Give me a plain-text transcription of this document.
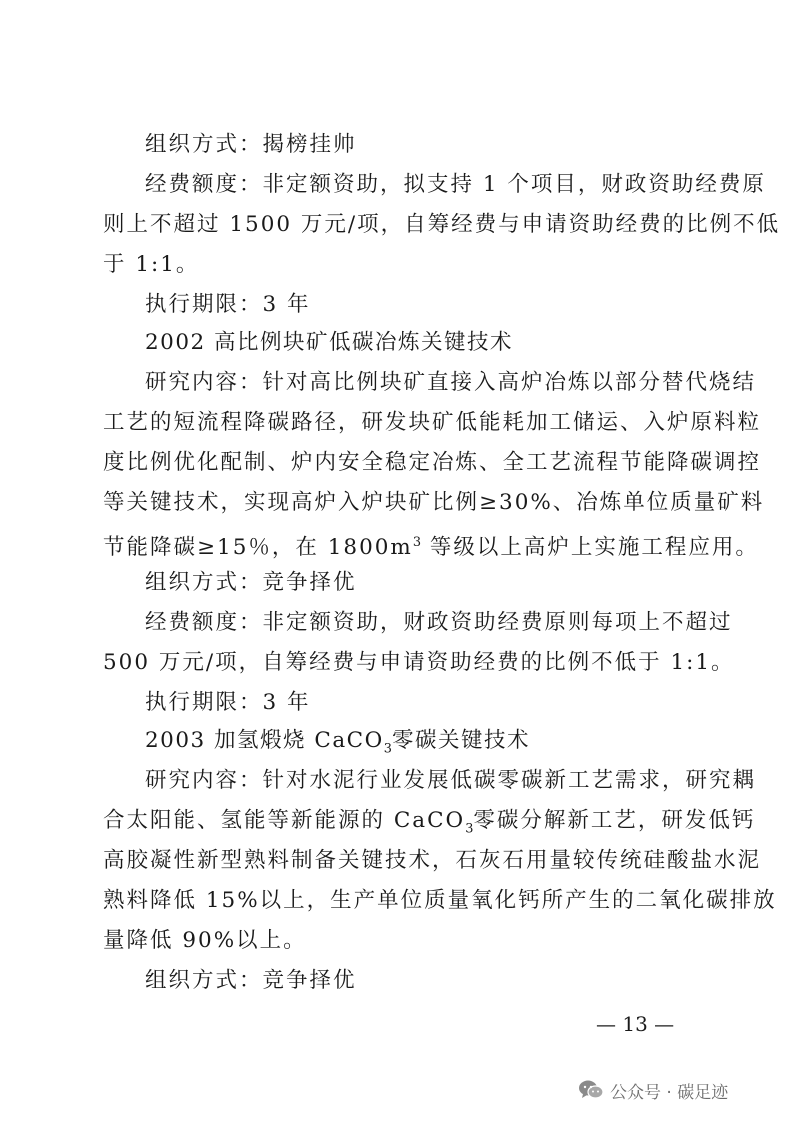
组织方式：揭榜挂帅
经费额度：非定额资助，拟支持 1 个项目，财政资助经费原
则上不超过 1500 万元/项，自筹经费与申请资助经费的比例不低
于 1:1。
执行期限：3 年
2002 高比例块矿低碳冶炼关键技术
研究内容：针对高比例块矿直接入高炉冶炼以部分替代烧结
工艺的短流程降碳路径，研发块矿低能耗加工储运、入炉原料粒
度比例优化配制、炉内安全稳定冶炼、全工艺流程节能降碳调控
等关键技术，实现高炉入炉块矿比例≥30%、冶炼单位质量矿料
节能降碳≥15％，在 $1800m^3$ 等级以上高炉上实施工程应用。
组织方式：竞争择优
经费额度：非定额资助，财政资助经费原则每项上不超过
500 万元/项，自筹经费与申请资助经费的比例不低于 1:1。
执行期限：3 年
2003 加氢煅烧 CaCO$_3$零碳关键技术
研究内容：针对水泥行业发展低碳零碳新工艺需求，研究耦
合太阳能、氢能等新能源的 CaCO$_3$零碳分解新工艺，研发低钙
高胶凝性新型熟料制备关键技术，石灰石用量较传统硅酸盐水泥
熟料降低 15%以上，生产单位质量氧化钙所产生的二氧化碳排放
量降低 90%以上。
组织方式：竞争择优
— 13 —
公众号 · 碳足迹
